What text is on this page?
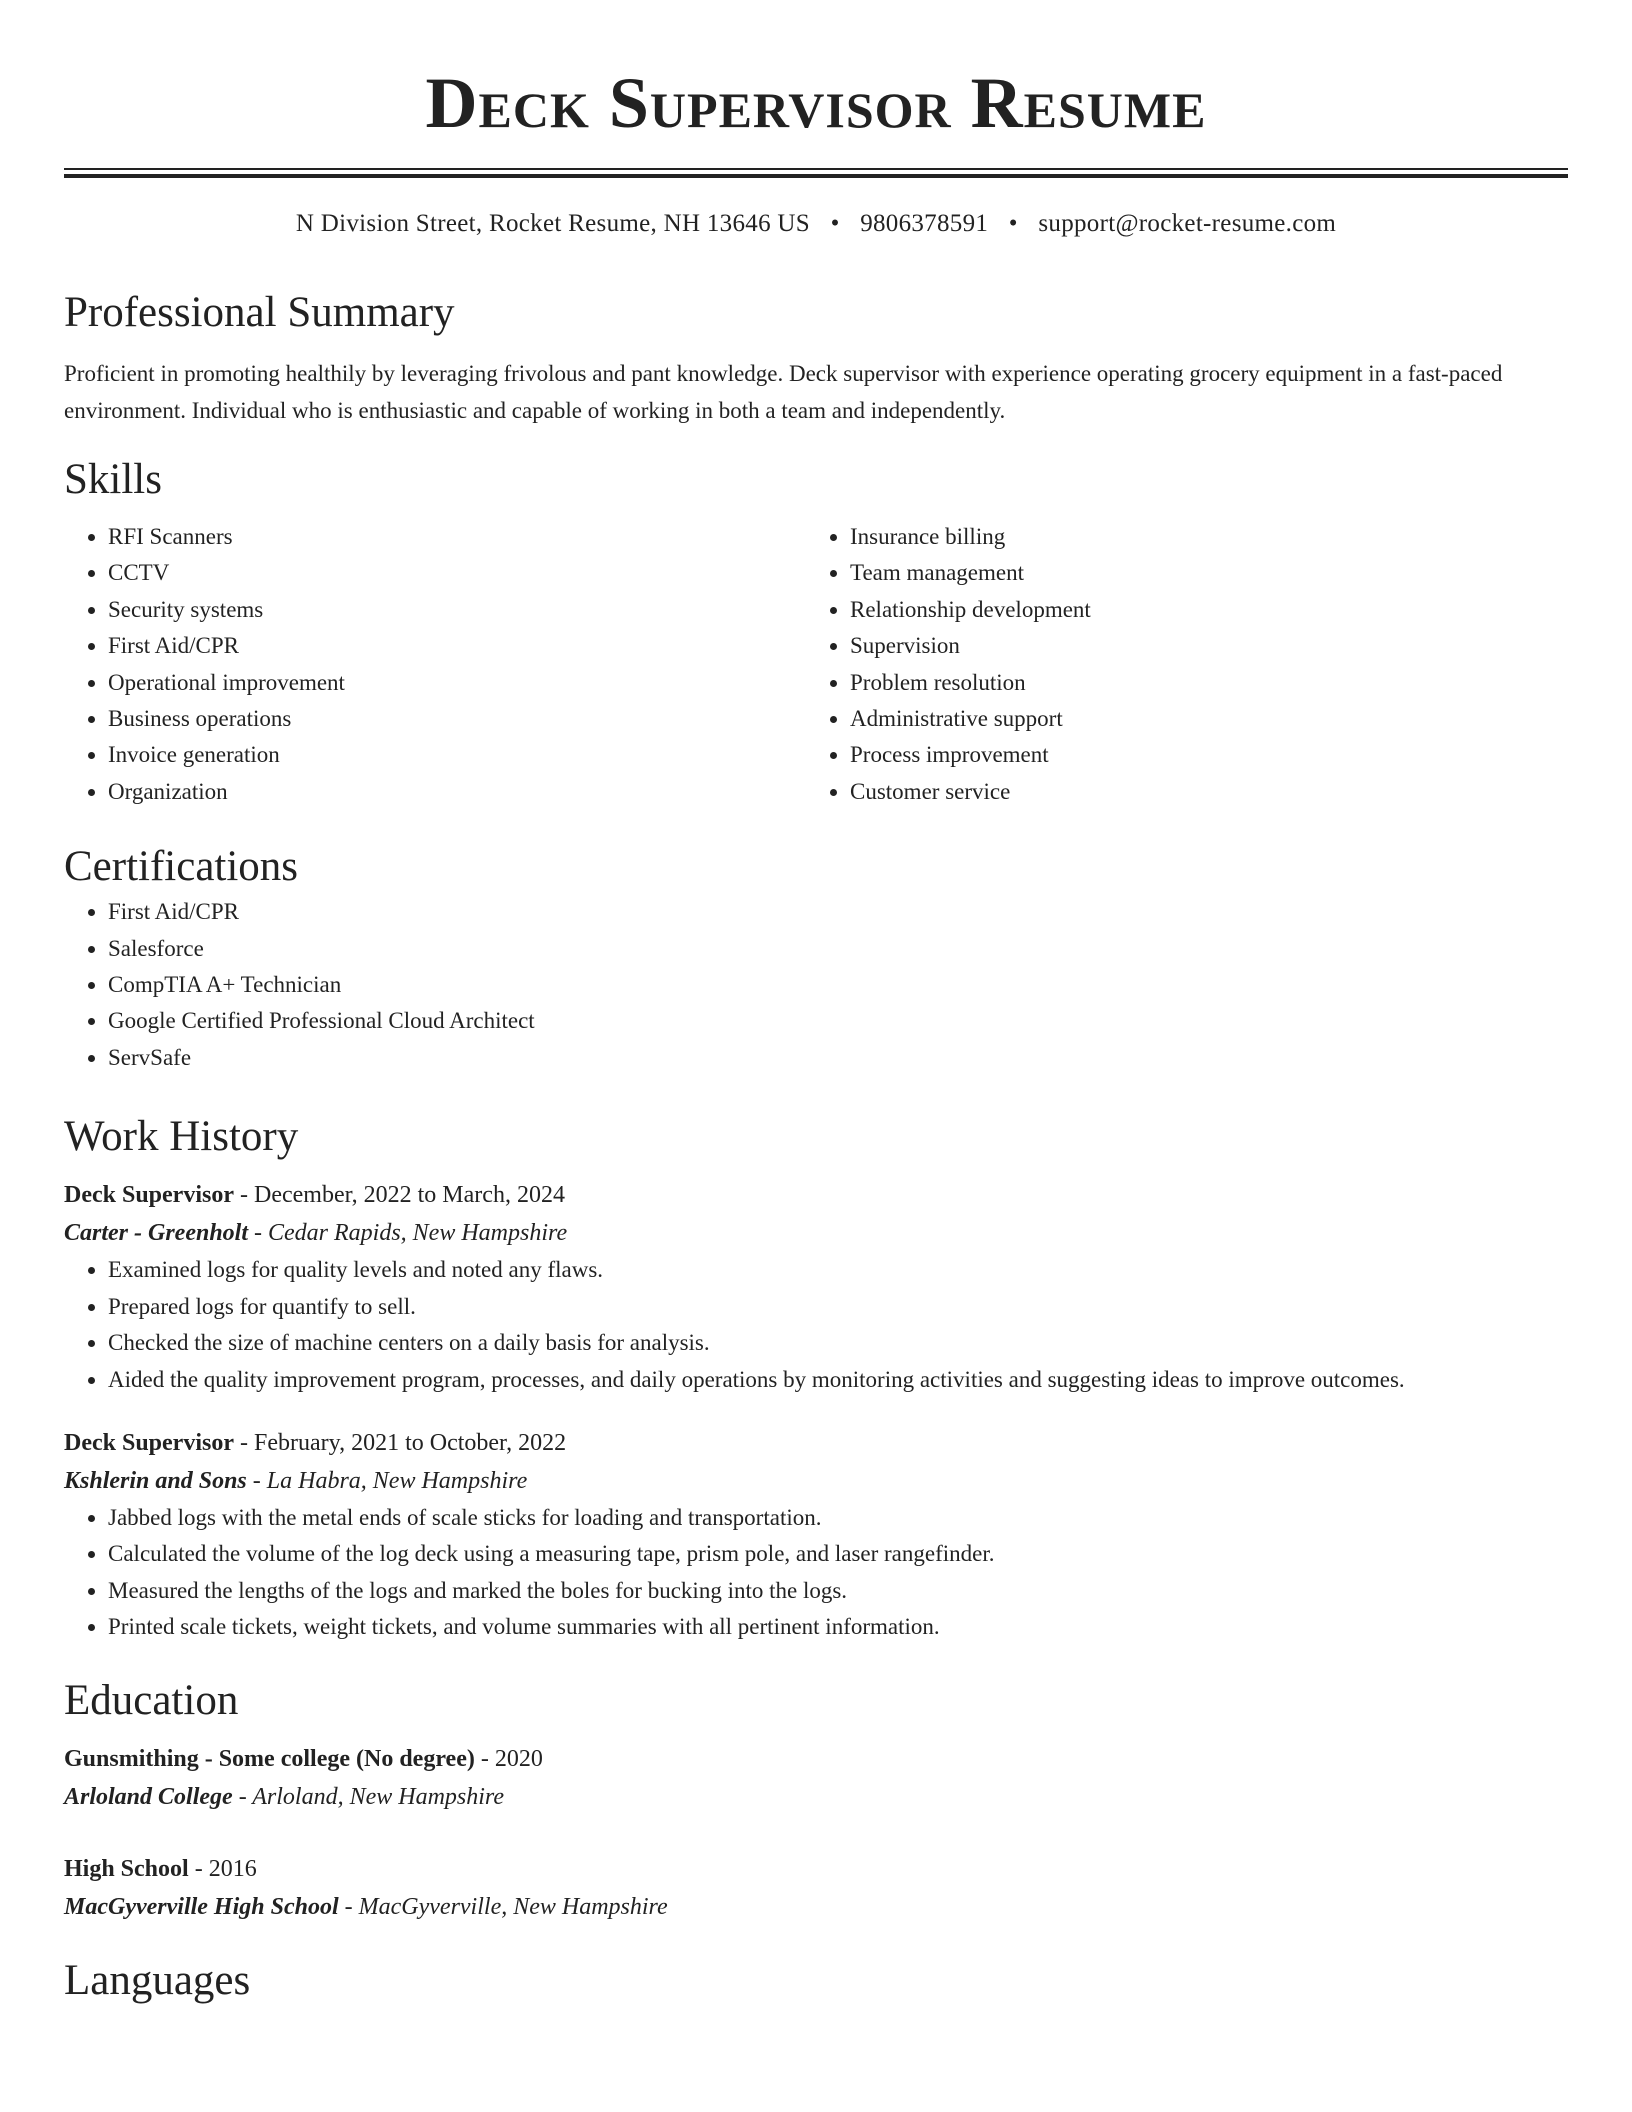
Deck Supervisor Resume
N Division Street, Rocket Resume, NH 13646 US • 9806378591 • support@rocket-resume.com
Professional Summary

Proficient in promoting healthily by leveraging frivolous and pant knowledge. Deck supervisor with experience operating grocery equipment in a fast-paced environment. Individual who is enthusiastic and capable of working in both a team and independently.

Skills
• RFI Scanners
• CCTV
• Security systems
• First Aid/CPR
• Operational improvement
• Business operations
• Invoice generation
• Organization
• Insurance billing
• Team management
• Relationship development
• Supervision
• Problem resolution
• Administrative support
• Process improvement
• Customer service
Certifications
• First Aid/CPR
• Salesforce
• CompTIA A+ Technician
• Google Certified Professional Cloud Architect
• ServSafe
Work History
Deck Supervisor - December, 2022 to March, 2024
Carter - Greenholt - Cedar Rapids, New Hampshire
• Examined logs for quality levels and noted any flaws.
• Prepared logs for quantify to sell.
• Checked the size of machine centers on a daily basis for analysis.
• Aided the quality improvement program, processes, and daily operations by monitoring activities and suggesting ideas to improve outcomes.
Deck Supervisor - February, 2021 to October, 2022
Kshlerin and Sons - La Habra, New Hampshire
• Jabbed logs with the metal ends of scale sticks for loading and transportation.
• Calculated the volume of the log deck using a measuring tape, prism pole, and laser rangefinder.
• Measured the lengths of the logs and marked the boles for bucking into the logs.
• Printed scale tickets, weight tickets, and volume summaries with all pertinent information.
Education
Gunsmithing - Some college (No degree) - 2020
Arloland College - Arloland, New Hampshire
High School - 2016
MacGyverville High School - MacGyverville, New Hampshire
Languages
